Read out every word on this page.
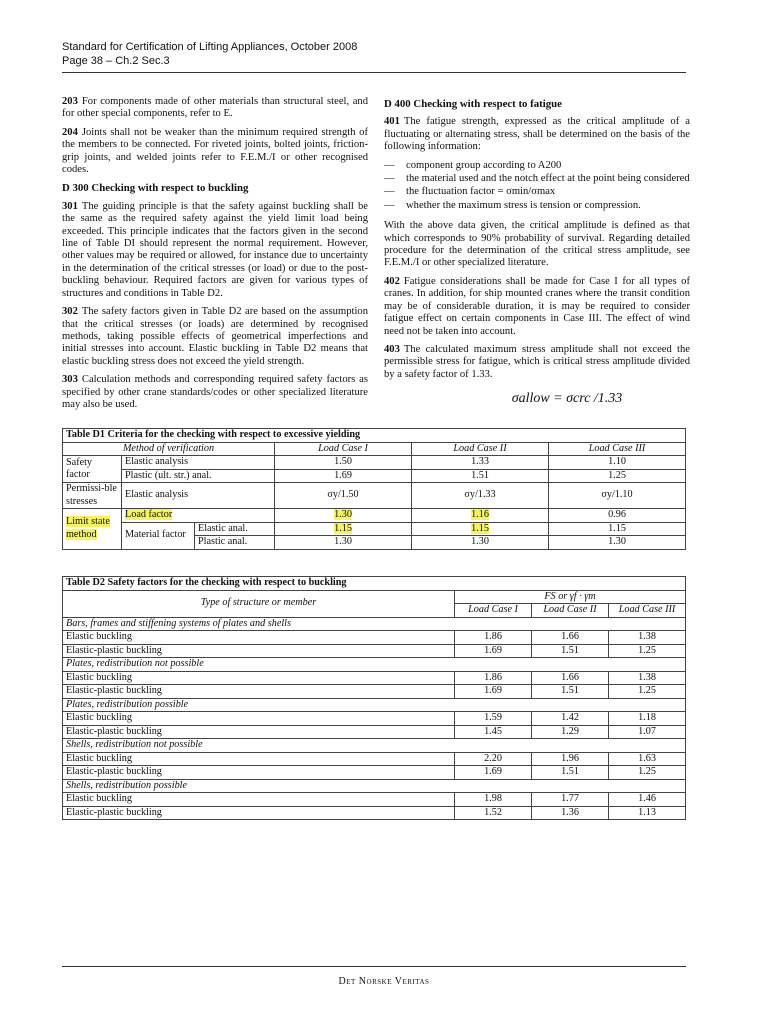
Standard for Certification of Lifting Appliances, October 2008
Page 38 – Ch.2 Sec.3

203 For components made of other materials than structural steel, and for other special components, refer to E.

204 Joints shall not be weaker than the minimum required strength of the members to be connected. For riveted joints, bolted joints, friction-grip joints, and welded joints refer to F.E.M./I or other recognised codes.

D 300 Checking with respect to buckling

301 The guiding principle is that the safety against buckling shall be the same as the required safety against the yield limit load being exceeded. This principle indicates that the factors given in the second line of Table DI should represent the normal requirement. However, other values may be required or allowed, for instance due to uncertainty in the determination of the critical stresses (or load) or due to the post-buckling behaviour. Required factors are given for various types of structures and conditions in Table D2.

302 The safety factors given in Table D2 are based on the assumption that the critical stresses (or loads) are determined by recognised methods, taking possible effects of geometrical imperfections and initial stresses into account. Elastic buckling in Table D2 means that elastic buckling stress does not exceed the yield strength.

303 Calculation methods and corresponding required safety factors as specified by other crane standards/codes or other specialized literature may also be used.

D 400 Checking with respect to fatigue

401 The fatigue strength, expressed as the critical amplitude of a fluctuating or alternating stress, shall be determined on the basis of the following information:

— component group according to A200
— the material used and the notch effect at the point being considered
— the fluctuation factor = σmin/σmax
— whether the maximum stress is tension or compression.

With the above data given, the critical amplitude is defined as that which corresponds to 90% probability of survival. Regarding detailed procedure for the determination of the critical stress amplitude, see F.E.M./I or other specialized literature.

402 Fatigue considerations shall be made for Case I for all types of cranes. In addition, for ship mounted cranes where the transit condition may be of considerable duration, it is may be required to consider fatigue effect on certain components in Case III. The effect of wind need not be taken into account.

403 The calculated maximum stress amplitude shall not exceed the permissible stress for fatigue, which is critical stress amplitude divided by a safety factor of 1.33.

σallow = σcrc /1.33
Table D1 Criteria for the checking with respect to excessive yielding					
Method of verification			Load Case I	Load Case II	Load Case III
Safety factor	Elastic analysis		1.50	1.33	1.10
	Plastic (ult. str.) anal.		1.69	1.51	1.25
Permissi-ble stresses	Elastic analysis		σy/1.50	σy/1.33	σy/1.10
Limit state method	Load factor		1.30	1.16	0.96
	Material factor	Elastic anal.	1.15	1.15	1.15
		Plastic anal.	1.30	1.30	1.30
Table D2 Safety factors for the checking with respect to buckling			
Type of structure or member	FS or γf · γm		
	Load Case I	Load Case II	Load Case III
Bars, frames and stiffening systems of plates and shells			
Elastic buckling	1.86	1.66	1.38
Elastic-plastic buckling	1.69	1.51	1.25
Plates, redistribution not possible			
Elastic buckling	1.86	1.66	1.38
Elastic-plastic buckling	1.69	1.51	1.25
Plates, redistribution possible			
Elastic buckling	1.59	1.42	1.18
Elastic-plastic buckling	1.45	1.29	1.07
Shells, redistribution not possible			
Elastic buckling	2.20	1.96	1.63
Elastic-plastic buckling	1.69	1.51	1.25
Shells, redistribution possible			
Elastic buckling	1.98	1.77	1.46
Elastic-plastic buckling	1.52	1.36	1.13
Det Norske Veritas
